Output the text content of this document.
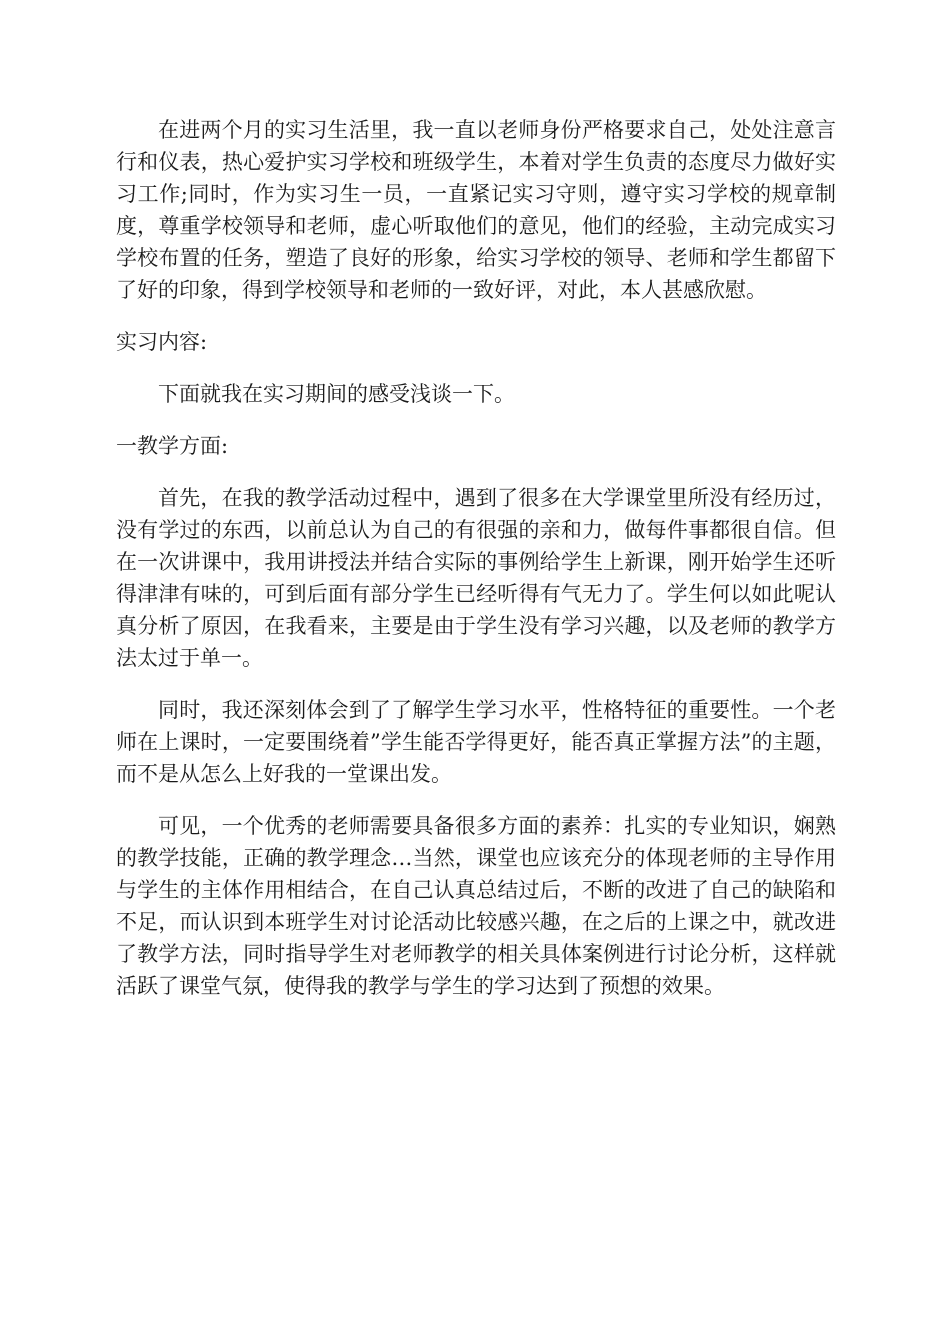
在进两个月的实习生活里，我一直以老师身份严格要求自己，处处注意言行和仪表，热心爱护实习学校和班级学生，本着对学生负责的态度尽力做好实习工作;同时，作为实习生一员，一直紧记实习守则，遵守实习学校的规章制度，尊重学校领导和老师，虚心听取他们的意见，他们的经验，主动完成实习学校布置的任务，塑造了良好的形象，给实习学校的领导、老师和学生都留下了好的印象，得到学校领导和老师的一致好评，对此，本人甚感欣慰。

实习内容:

下面就我在实习期间的感受浅谈一下。

一教学方面:

首先，在我的教学活动过程中，遇到了很多在大学课堂里所没有经历过，没有学过的东西，以前总认为自己的有很强的亲和力，做每件事都很自信。但在一次讲课中，我用讲授法并结合实际的事例给学生上新课，刚开始学生还听得津津有味的，可到后面有部分学生已经听得有气无力了。学生何以如此呢认真分析了原因，在我看来，主要是由于学生没有学习兴趣，以及老师的教学方法太过于单一。

同时，我还深刻体会到了了解学生学习水平，性格特征的重要性。一个老师在上课时，一定要围绕着”学生能否学得更好，能否真正掌握方法”的主题，而不是从怎么上好我的一堂课出发。

可见，一个优秀的老师需要具备很多方面的素养：扎实的专业知识，娴熟的教学技能，正确的教学理念…当然，课堂也应该充分的体现老师的主导作用与学生的主体作用相结合，在自己认真总结过后，不断的改进了自己的缺陷和不足，而认识到本班学生对讨论活动比较感兴趣，在之后的上课之中，就改进了教学方法，同时指导学生对老师教学的相关具体案例进行讨论分析，这样就活跃了课堂气氛，使得我的教学与学生的学习达到了预想的效果。
